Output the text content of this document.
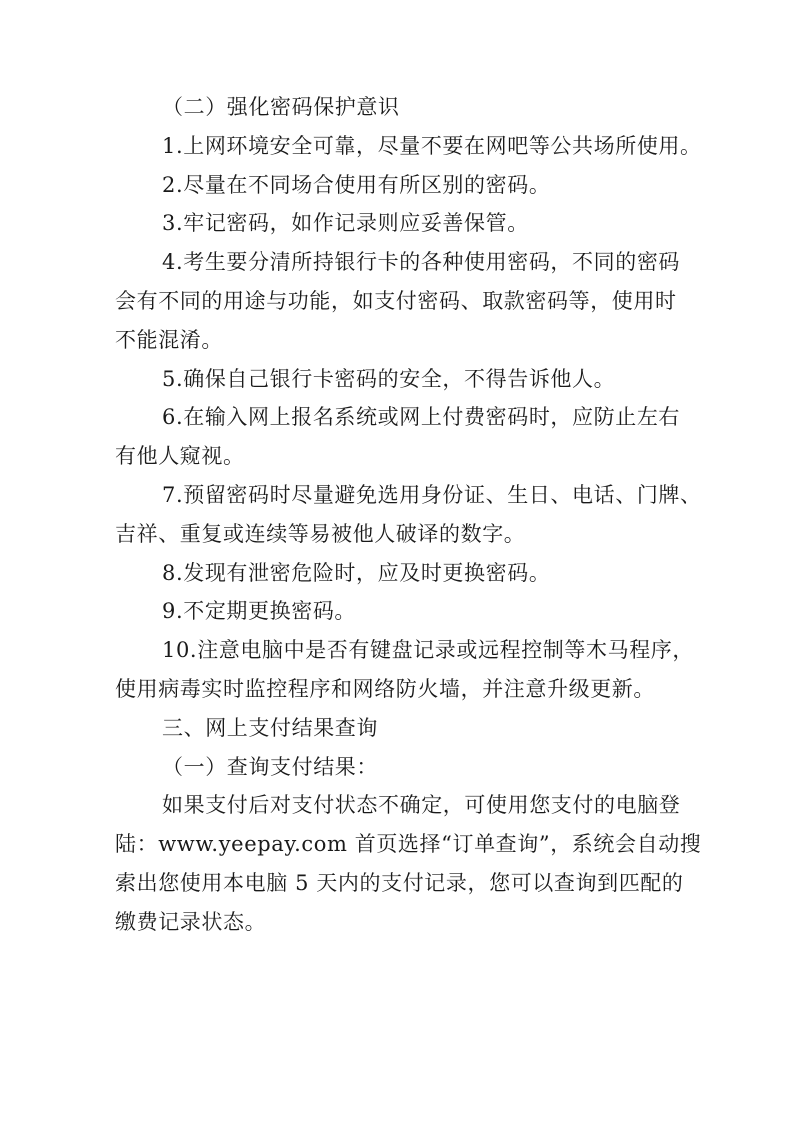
（二）强化密码保护意识
1.上网环境安全可靠，尽量不要在网吧等公共场所使用。
2.尽量在不同场合使用有所区别的密码。
3.牢记密码，如作记录则应妥善保管。
4.考生要分清所持银行卡的各种使用密码，不同的密码
会有不同的用途与功能，如支付密码、取款密码等，使用时
不能混淆。
5.确保自己银行卡密码的安全，不得告诉他人。
6.在输入网上报名系统或网上付费密码时，应防止左右
有他人窥视。
7.预留密码时尽量避免选用身份证、生日、电话、门牌、
吉祥、重复或连续等易被他人破译的数字。
8.发现有泄密危险时，应及时更换密码。
9.不定期更换密码。
10.注意电脑中是否有键盘记录或远程控制等木马程序，
使用病毒实时监控程序和网络防火墙，并注意升级更新。
三、网上支付结果查询
（一）查询支付结果：
如果支付后对支付状态不确定，可使用您支付的电脑登
陆：www.yeepay.com 首页选择“订单查询”，系统会自动搜
索出您使用本电脑 5 天内的支付记录，您可以查询到匹配的
缴费记录状态。
